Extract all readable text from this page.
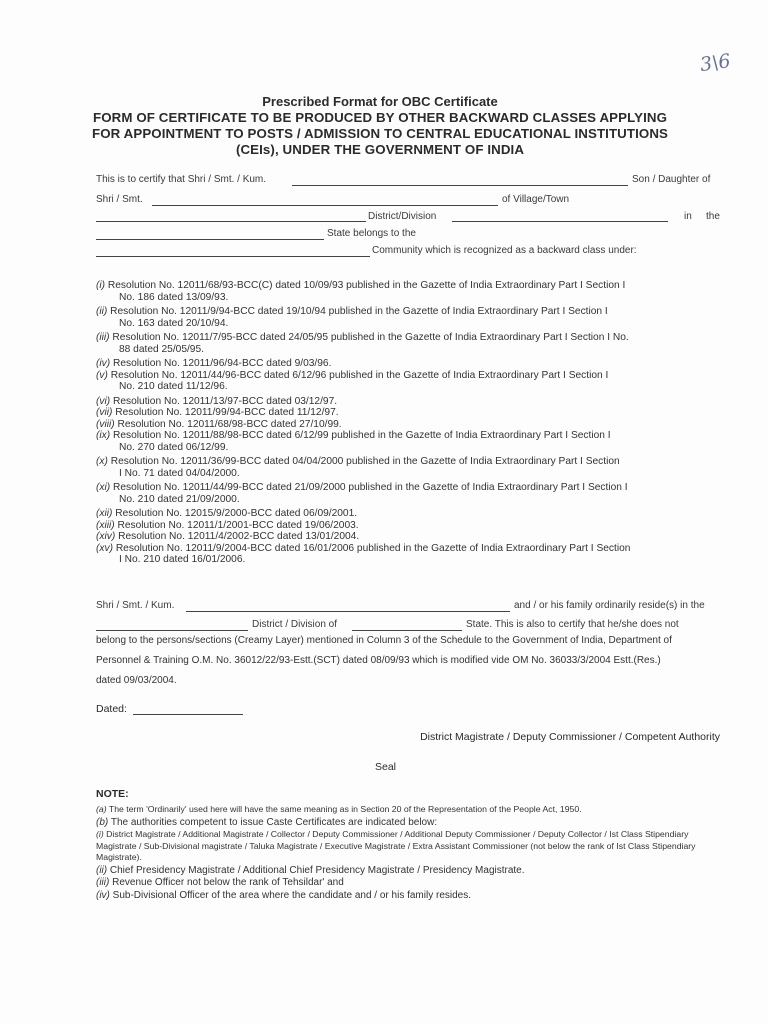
3\6
Prescribed Format for OBC Certificate
FORM OF CERTIFICATE TO BE PRODUCED BY OTHER BACKWARD CLASSES APPLYING FOR APPOINTMENT TO POSTS / ADMISSION TO CENTRAL EDUCATIONAL INSTITUTIONS (CEIs), UNDER THE GOVERNMENT OF INDIA
This is to certify that Shri / Smt. / Kum.	Son / Daughter of
Shri / Smt.	of Village/Town
District/Division	in the
State belongs to the
Community which is recognized as a backward class under:
(i) Resolution No. 12011/68/93-BCC(C) dated 10/09/93 published in the Gazette of India Extraordinary Part I Section I
No. 186 dated 13/09/93.
(ii) Resolution No. 12011/9/94-BCC dated 19/10/94 published in the Gazette of India Extraordinary Part I Section I
No. 163 dated 20/10/94.
(iii) Resolution No. 12011/7/95-BCC dated 24/05/95 published in the Gazette of India Extraordinary Part I Section I No.
88 dated 25/05/95.
(iv) Resolution No. 12011/96/94-BCC dated 9/03/96.
(v) Resolution No. 12011/44/96-BCC dated 6/12/96 published in the Gazette of India Extraordinary Part I Section I
No. 210 dated 11/12/96.
(vi) Resolution No. 12011/13/97-BCC dated 03/12/97.
(vii) Resolution No. 12011/99/94-BCC dated 11/12/97.
(viii) Resolution No. 12011/68/98-BCC dated 27/10/99.
(ix) Resolution No. 12011/88/98-BCC dated 6/12/99 published in the Gazette of India Extraordinary Part I Section I
No. 270 dated 06/12/99.
(x) Resolution No. 12011/36/99-BCC dated 04/04/2000 published in the Gazette of India Extraordinary Part I Section
I No. 71 dated 04/04/2000.
(xi) Resolution No. 12011/44/99-BCC dated 21/09/2000 published in the Gazette of India Extraordinary Part I Section I
No. 210 dated 21/09/2000.
(xii) Resolution No. 12015/9/2000-BCC dated 06/09/2001.
(xiii) Resolution No. 12011/1/2001-BCC dated 19/06/2003.
(xiv) Resolution No. 12011/4/2002-BCC dated 13/01/2004.
(xv) Resolution No. 12011/9/2004-BCC dated 16/01/2006 published in the Gazette of India Extraordinary Part I Section
I No. 210 dated 16/01/2006.
Shri / Smt. / Kum.	and / or his family ordinarily reside(s) in the
District / Division of	State. This is also to certify that he/she does not
belong to the persons/sections (Creamy Layer) mentioned in Column 3 of the Schedule to the Government of India, Department of
Personnel & Training O.M. No. 36012/22/93-Estt.(SCT) dated 08/09/93 which is modified vide OM No. 36033/3/2004 Estt.(Res.)
dated 09/03/2004.
Dated:
District Magistrate / Deputy Commissioner / Competent Authority
Seal
NOTE:
(a) The term 'Ordinarily' used here will have the same meaning as in Section 20 of the Representation of the People Act, 1950.
(b) The authorities competent to issue Caste Certificates are indicated below:
(i) District Magistrate / Additional Magistrate / Collector / Deputy Commissioner / Additional Deputy Commissioner / Deputy Collector / Ist Class Stipendiary Magistrate / Sub-Divisional magistrate / Taluka Magistrate / Executive Magistrate / Extra Assistant Commissioner (not below the rank of Ist Class Stipendiary Magistrate).
(ii) Chief Presidency Magistrate / Additional Chief Presidency Magistrate / Presidency Magistrate.
(iii) Revenue Officer not below the rank of Tehsildar' and
(iv) Sub-Divisional Officer of the area where the candidate and / or his family resides.
